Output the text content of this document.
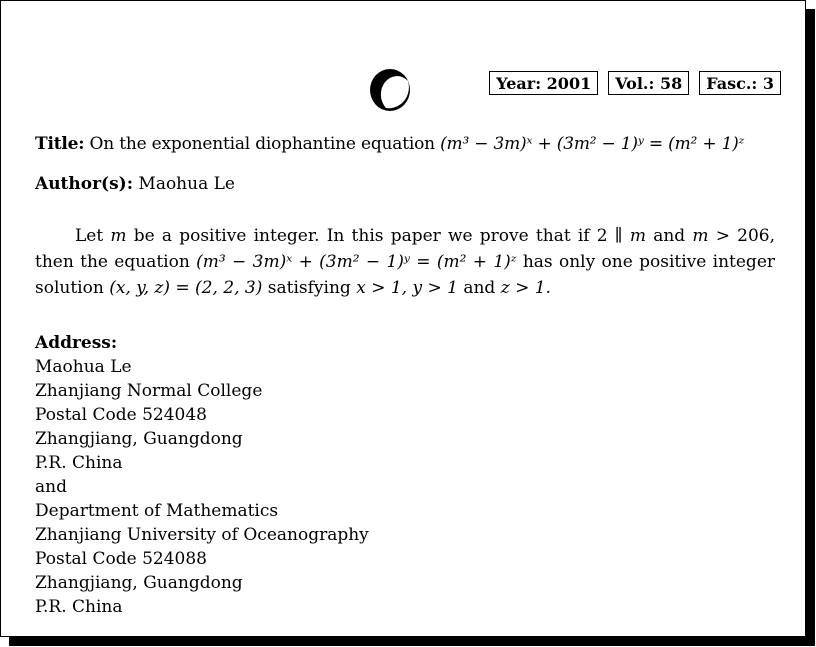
Year: 2001	Vol.: 58	Fasc.: 3
Title: On the exponential diophantine equation (m³ − 3m)ˣ + (3m² − 1)ʸ = (m² + 1)ᶻ
Author(s): Maohua Le
Let m be a positive integer. In this paper we prove that if 2 ∥ m and m > 206, then the equation (m³ − 3m)ˣ + (3m² − 1)ʸ = (m² + 1)ᶻ has only one positive integer solution (x, y, z) = (2, 2, 3) satisfying x > 1, y > 1 and z > 1.
Address:
Maohua Le
Zhanjiang Normal College
Postal Code 524048
Zhangjiang, Guangdong
P.R. China
and
Department of Mathematics
Zhanjiang University of Oceanography
Postal Code 524088
Zhangjiang, Guangdong
P.R. China
